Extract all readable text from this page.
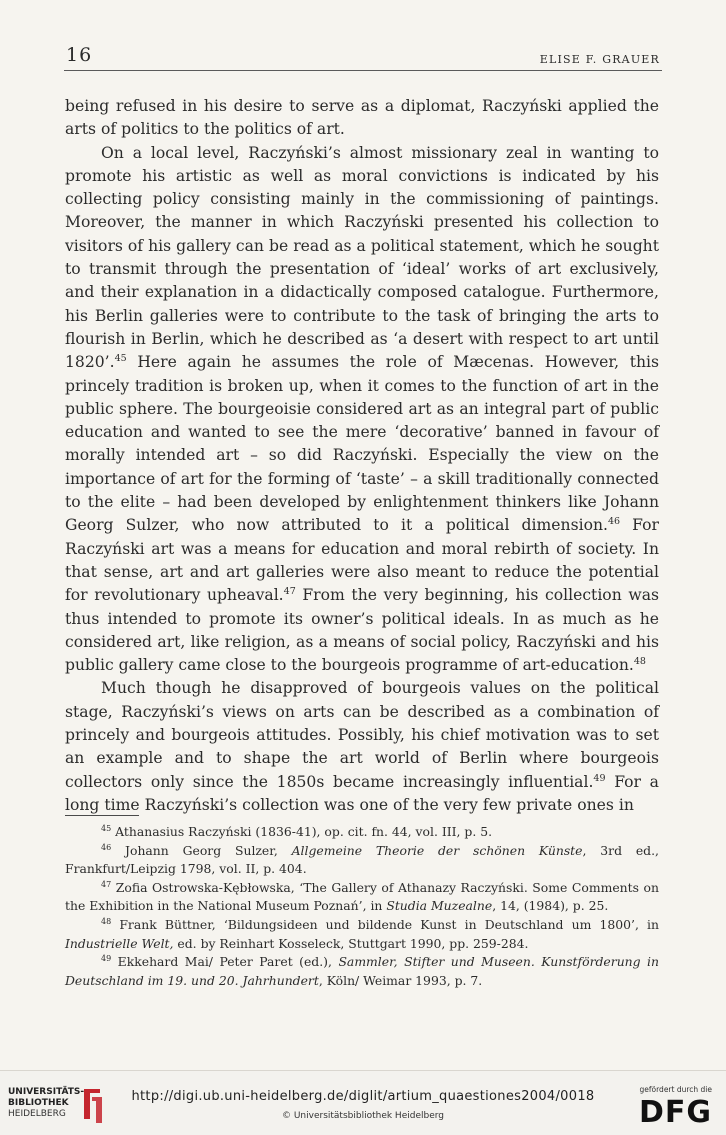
16	ELISE F. GRAUER

being refused in his desire to serve as a diplomat, Raczyński applied the arts of politics to the politics of art.

On a local level, Raczyński’s almost missionary zeal in wanting to promote his artistic as well as moral convictions is indicated by his collecting policy consisting mainly in the commissioning of paintings. Moreover, the manner in which Raczyński presented his collection to visitors of his gallery can be read as a political statement, which he sought to transmit through the presentation of ‘ideal’ works of art exclusively, and their explanation in a didactically composed catalogue. Furthermore, his Berlin galleries were to contribute to the task of bringing the arts to flourish in Berlin, which he described as ‘a desert with respect to art until 1820’.$^{45}$ Here again he assumes the role of Mæcenas. However, this princely tradition is broken up, when it comes to the function of art in the public sphere. The bourgeoisie considered art as an integral part of public education and wanted to see the mere ‘decorative’ banned in favour of morally intended art – so did Raczyński. Especially the view on the importance of art for the forming of ‘taste’ – a skill traditionally connected to the elite – had been developed by enlightenment thinkers like Johann Georg Sulzer, who now attributed to it a political dimension.$^{46}$ For Raczyński art was a means for education and moral rebirth of society. In that sense, art and art galleries were also meant to reduce the potential for revolutionary upheaval.$^{47}$ From the very beginning, his collection was thus intended to promote its owner’s political ideals. In as much as he considered art, like religion, as a means of social policy, Raczyński and his public gallery came close to the bourgeois programme of art-education.$^{48}$

Much though he disapproved of bourgeois values on the political stage, Raczyński’s views on arts can be described as a combination of princely and bourgeois attitudes. Possibly, his chief motivation was to set an example and to shape the art world of Berlin where bourgeois collectors only since the 1850s became increasingly influential.$^{49}$ For a long time Raczyński’s collection was one of the very few private ones in

$^{45}$ Athanasius Raczyński (1836-41), op. cit. fn. 44, vol. III, p. 5.

$^{46}$ Johann Georg Sulzer, Allgemeine Theorie der schönen Künste, 3rd ed., Frankfurt/Leipzig 1798, vol. II, p. 404.

$^{47}$ Zofia Ostrowska-Kębłowska, ‘The Gallery of Athanazy Raczyński. Some Comments on the Exhibition in the National Museum Poznań’, in Studia Muzealne, 14, (1984), p. 25.

$^{48}$ Frank Büttner, ‘Bildungsideen und bildende Kunst in Deutschland um 1800’, in Industrielle Welt, ed. by Reinhart Kosseleck, Stuttgart 1990, pp. 259-284.

$^{49}$ Ekkehard Mai/ Peter Paret (ed.), Sammler, Stifter und Museen. Kunstförderung in Deutschland im 19. und 20. Jahrhundert, Köln/ Weimar 1993, p. 7.

UNIVERSITÄTS-
BIBLIOTHEK
HEIDELBERG
http://digi.ub.uni-heidelberg.de/diglit/artium_quaestiones2004/0018
© Universitätsbibliothek Heidelberg
gefördert durch die
DFG
